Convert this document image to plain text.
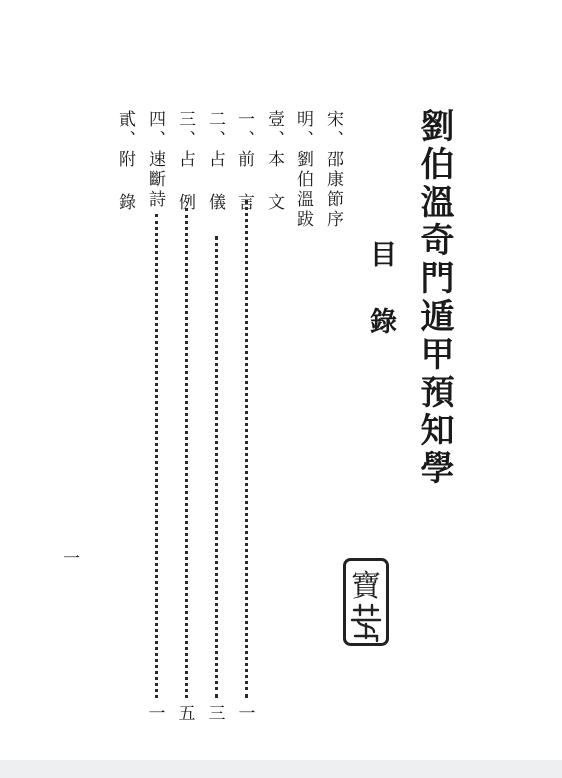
劉伯溫奇門遁甲預知學
目錄
宋、邵康節序
明、劉伯溫跋
壹、本 文
一、前 言
二、占 儀
三、占 例
四、速斷詩
貳、附 錄
一
三
五
一
一
寶
